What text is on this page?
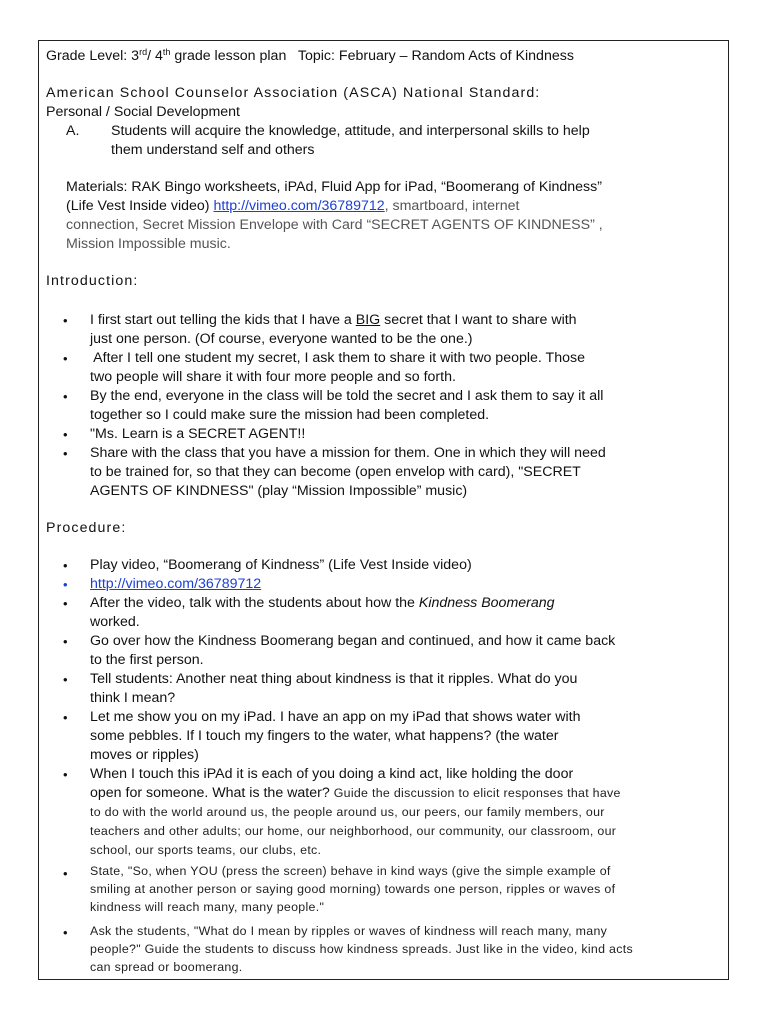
Grade Level: 3rd/ 4th grade lesson plan   Topic: February – Random Acts of Kindness
American School Counselor Association (ASCA) National Standard:
Personal / Social Development
A. Students will acquire the knowledge, attitude, and interpersonal skills to help
them understand self and others
Materials: RAK Bingo worksheets, iPAd, Fluid App for iPad, “Boomerang of Kindness”
(Life Vest Inside video) http://vimeo.com/36789712, smartboard, internet
connection, Secret Mission Envelope with Card “SECRET AGENTS OF KINDNESS” ,
Mission Impossible music.
Introduction:
• I first start out telling the kids that I have a BIG secret that I want to share with
just one person. (Of course, everyone wanted to be the one.)
• After I tell one student my secret, I ask them to share it with two people. Those
two people will share it with four more people and so forth.
• By the end, everyone in the class will be told the secret and I ask them to say it all
together so I could make sure the mission had been completed.
• "Ms. Learn is a SECRET AGENT!!
• Share with the class that you have a mission for them. One in which they will need
to be trained for, so that they can become (open envelop with card), "SECRET
AGENTS OF KINDNESS" (play “Mission Impossible” music)
Procedure:
• Play video, “Boomerang of Kindness” (Life Vest Inside video)
• http://vimeo.com/36789712
• After the video, talk with the students about how the Kindness Boomerang
worked.
• Go over how the Kindness Boomerang began and continued, and how it came back
to the first person.
• Tell students: Another neat thing about kindness is that it ripples. What do you
think I mean?
• Let me show you on my iPad. I have an app on my iPad that shows water with
some pebbles. If I touch my fingers to the water, what happens? (the water
moves or ripples)
• When I touch this iPAd it is each of you doing a kind act, like holding the door
open for someone. What is the water? Guide the discussion to elicit responses that have
to do with the world around us, the people around us, our peers, our family members, our
teachers and other adults; our home, our neighborhood, our community, our classroom, our
school, our sports teams, our clubs, etc.
• State, "So, when YOU (press the screen) behave in kind ways (give the simple example of
smiling at another person or saying good morning) towards one person, ripples or waves of
kindness will reach many, many people."
• Ask the students, "What do I mean by ripples or waves of kindness will reach many, many
people?" Guide the students to discuss how kindness spreads. Just like in the video, kind acts
can spread or boomerang.
